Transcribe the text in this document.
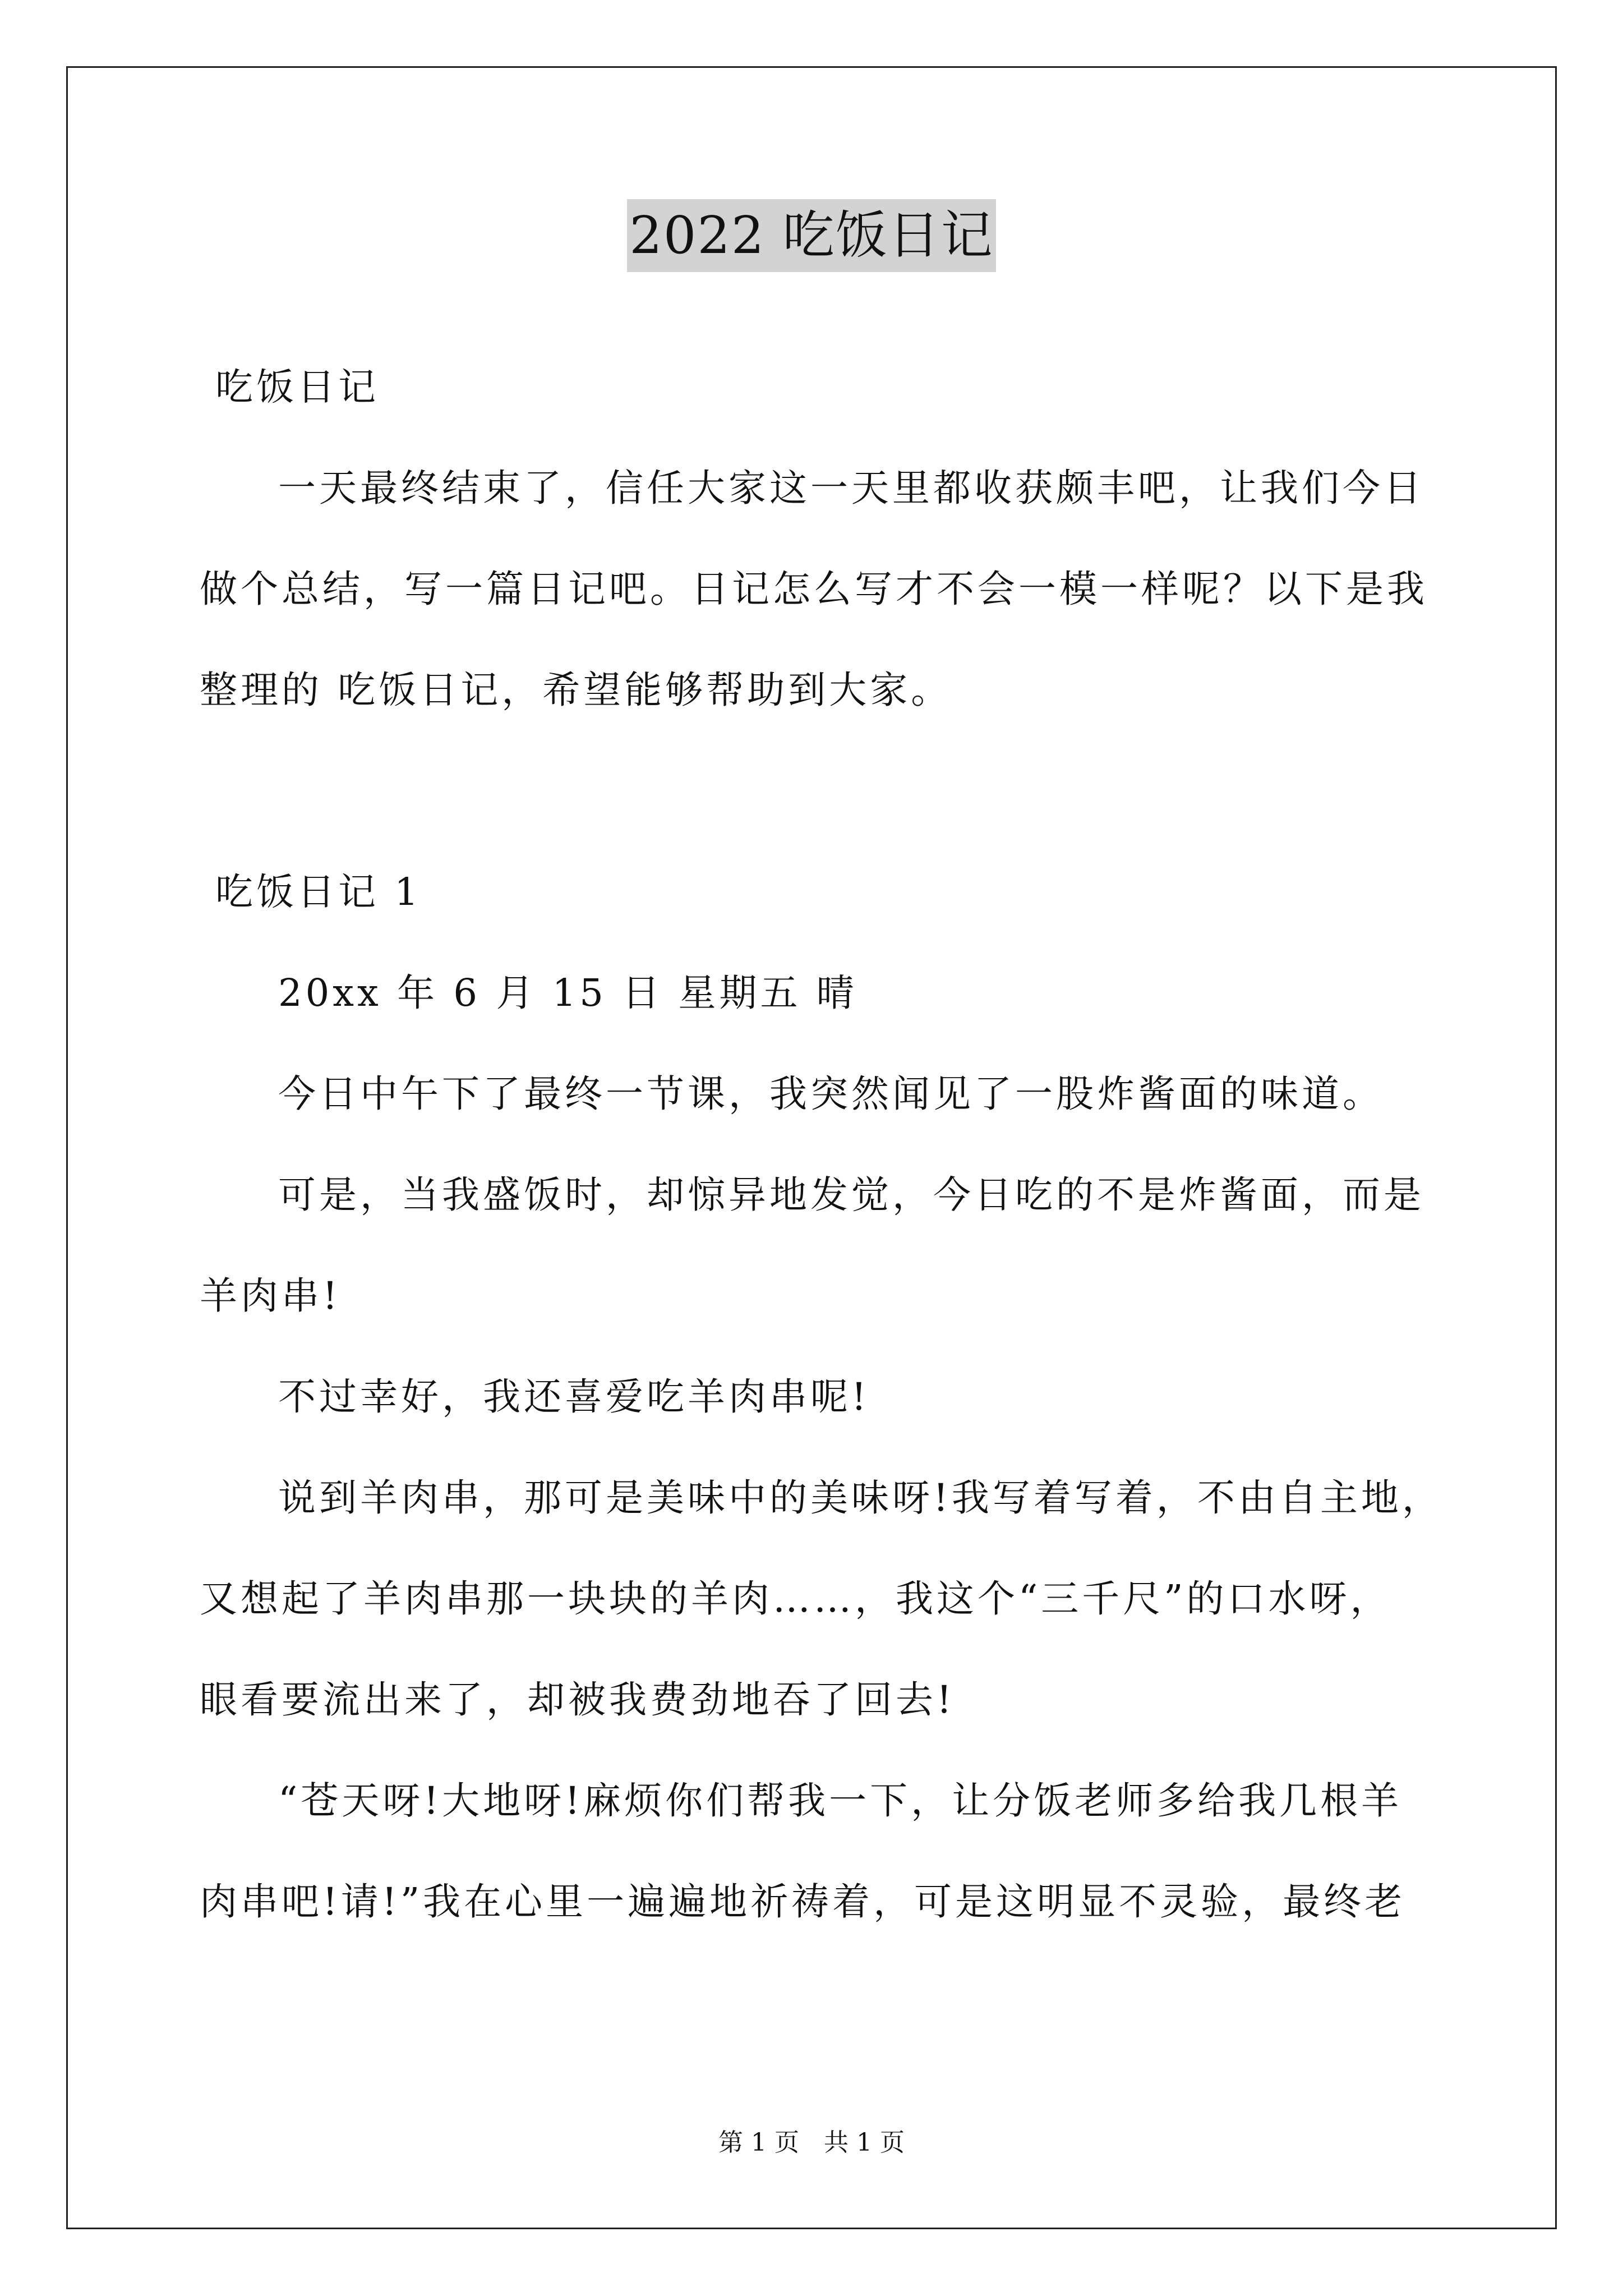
2022 吃饭日记
吃饭日记
一天最终结束了，信任大家这一天里都收获颇丰吧，让我们今日
做个总结，写一篇日记吧。日记怎么写才不会一模一样呢？以下是我
整理的 吃饭日记，希望能够帮助到大家。
吃饭日记 1
20xx 年 6 月 15 日 星期五 晴
今日中午下了最终一节课，我突然闻见了一股炸酱面的味道。
可是，当我盛饭时，却惊异地发觉，今日吃的不是炸酱面，而是
羊肉串!
不过幸好，我还喜爱吃羊肉串呢!
说到羊肉串，那可是美味中的美味呀!我写着写着，不由自主地，
又想起了羊肉串那一块块的羊肉……，我这个“三千尺”的口水呀，
眼看要流出来了，却被我费劲地吞了回去!
“苍天呀!大地呀!麻烦你们帮我一下，让分饭老师多给我几根羊
肉串吧!请!”我在心里一遍遍地祈祷着，可是这明显不灵验，最终老
第 1 页　共 1 页
